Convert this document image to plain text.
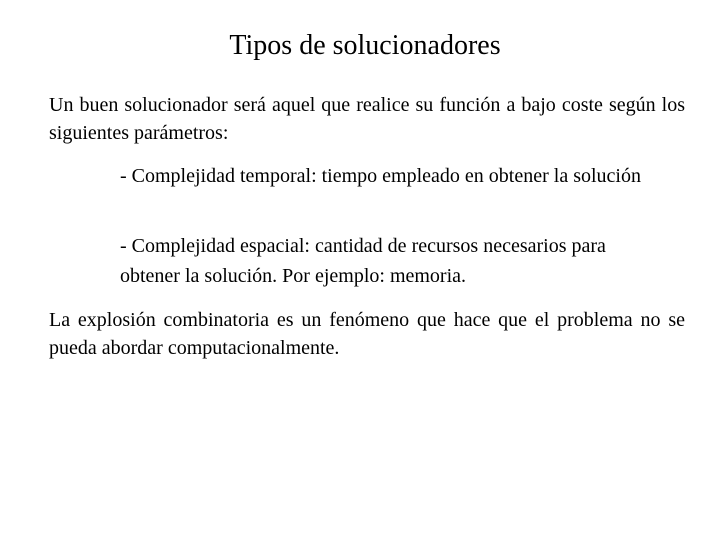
Tipos de solucionadores

Un buen solucionador será aquel que realice su función a bajo coste según los siguientes parámetros:

- Complejidad temporal: tiempo empleado en obtener la solución

- Complejidad espacial: cantidad de recursos necesarios para obtener la solución. Por ejemplo: memoria.

La explosión combinatoria es un fenómeno que hace que el problema no se pueda abordar computacionalmente.
